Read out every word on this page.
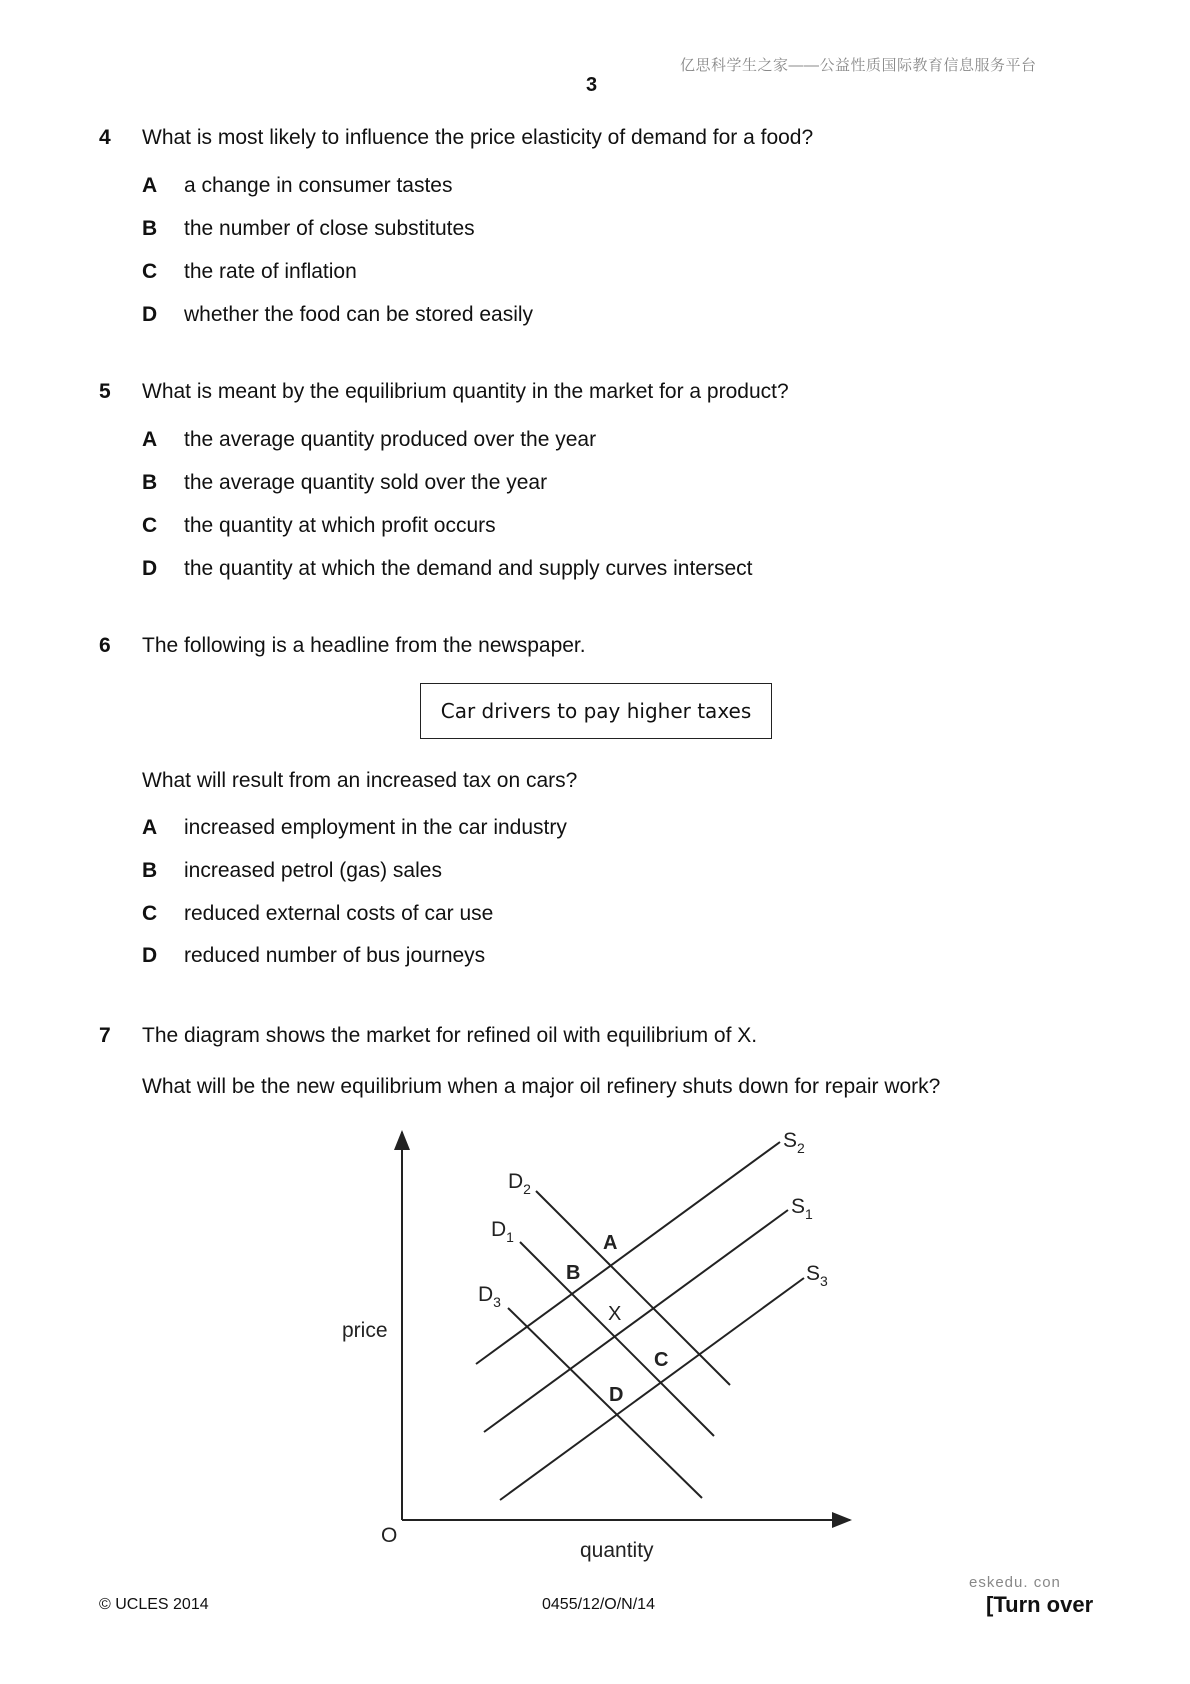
亿思科学生之家——公益性质国际教育信息服务平台
3
4 What is most likely to influence the price elasticity of demand for a food?
A a change in consumer tastes
B the number of close substitutes
C the rate of inflation
D whether the food can be stored easily
5 What is meant by the equilibrium quantity in the market for a product?
A the average quantity produced over the year
B the average quantity sold over the year
C the quantity at which profit occurs
D the quantity at which the demand and supply curves intersect
6 The following is a headline from the newspaper.
Car drivers to pay higher taxes
What will result from an increased tax on cars?
A increased employment in the car industry
B increased petrol (gas) sales
C reduced external costs of car use
D reduced number of bus journeys
7 The diagram shows the market for refined oil with equilibrium of X.
What will be the new equilibrium when a major oil refinery shuts down for repair work?
price
quantity
O
$S_2$
$S_1$
$S_3$
$D_2$
$D_1$
$D_3$
A
B
X
C
D
eskedu. con
© UCLES 2014	0455/12/O/N/14	[Turn over
